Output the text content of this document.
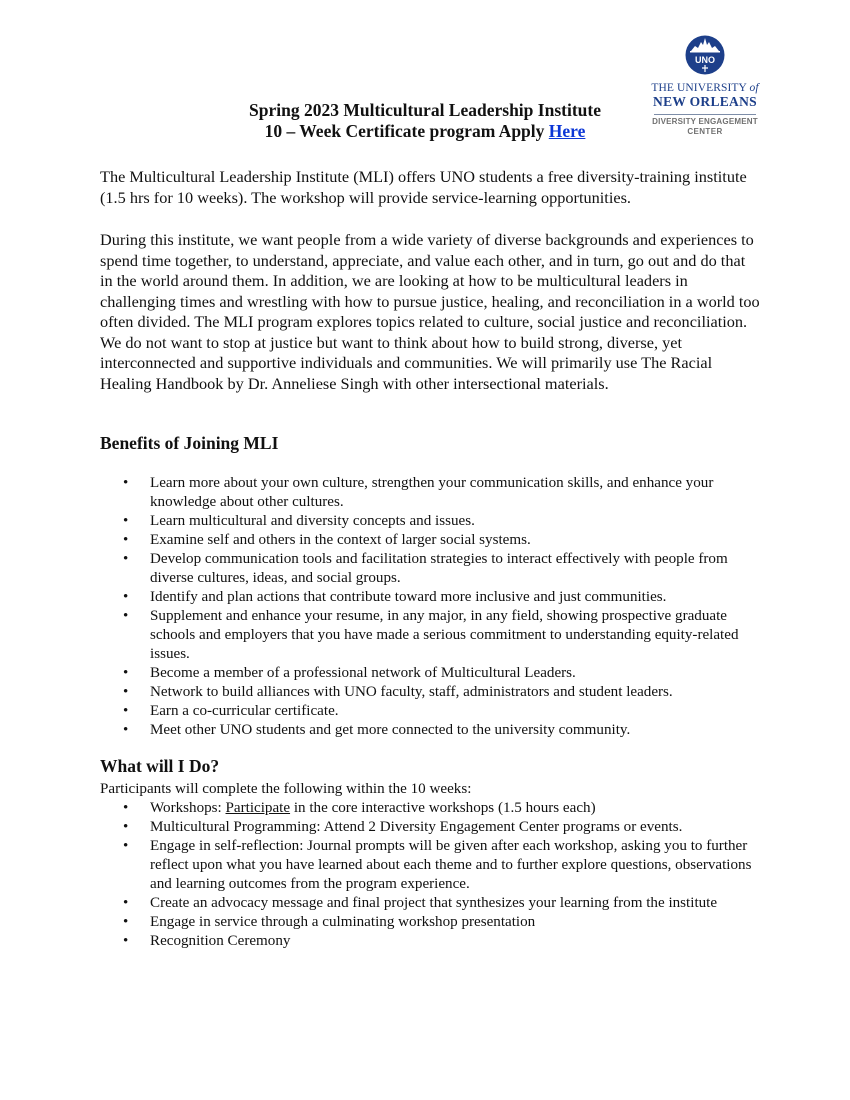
UNO
THE UNIVERSITY of
NEW ORLEANS
DIVERSITY ENGAGEMENT
CENTER
Spring 2023 Multicultural Leadership Institute
10 – Week Certificate program Apply Here
The Multicultural Leadership Institute (MLI) offers UNO students a free diversity-training institute (1.5 hrs for 10 weeks). The workshop will provide service-learning opportunities.
During this institute, we want people from a wide variety of diverse backgrounds and experiences to spend time together, to understand, appreciate, and value each other, and in turn, go out and do that in the world around them. In addition, we are looking at how to be multicultural leaders in challenging times and wrestling with how to pursue justice, healing, and reconciliation in a world too often divided. The MLI program explores topics related to culture, social justice and reconciliation. We do not want to stop at justice but want to think about how to build strong, diverse, yet interconnected and supportive individuals and communities. We will primarily use The Racial Healing Handbook by Dr. Anneliese Singh with other intersectional materials.
Benefits of Joining MLI
• Learn more about your own culture, strengthen your communication skills, and enhance your knowledge about other cultures.
• Learn multicultural and diversity concepts and issues.
• Examine self and others in the context of larger social systems.
• Develop communication tools and facilitation strategies to interact effectively with people from diverse cultures, ideas, and social groups.
• Identify and plan actions that contribute toward more inclusive and just communities.
• Supplement and enhance your resume, in any major, in any field, showing prospective graduate schools and employers that you have made a serious commitment to understanding equity-related issues.
• Become a member of a professional network of Multicultural Leaders.
• Network to build alliances with UNO faculty, staff, administrators and student leaders.
• Earn a co-curricular certificate.
• Meet other UNO students and get more connected to the university community.
What will I Do?
Participants will complete the following within the 10 weeks:
• Workshops: Participate in the core interactive workshops (1.5 hours each)
• Multicultural Programming: Attend 2 Diversity Engagement Center programs or events.
• Engage in self-reflection: Journal prompts will be given after each workshop, asking you to further reflect upon what you have learned about each theme and to further explore questions, observations and learning outcomes from the program experience.
• Create an advocacy message and final project that synthesizes your learning from the institute
• Engage in service through a culminating workshop presentation
• Recognition Ceremony
